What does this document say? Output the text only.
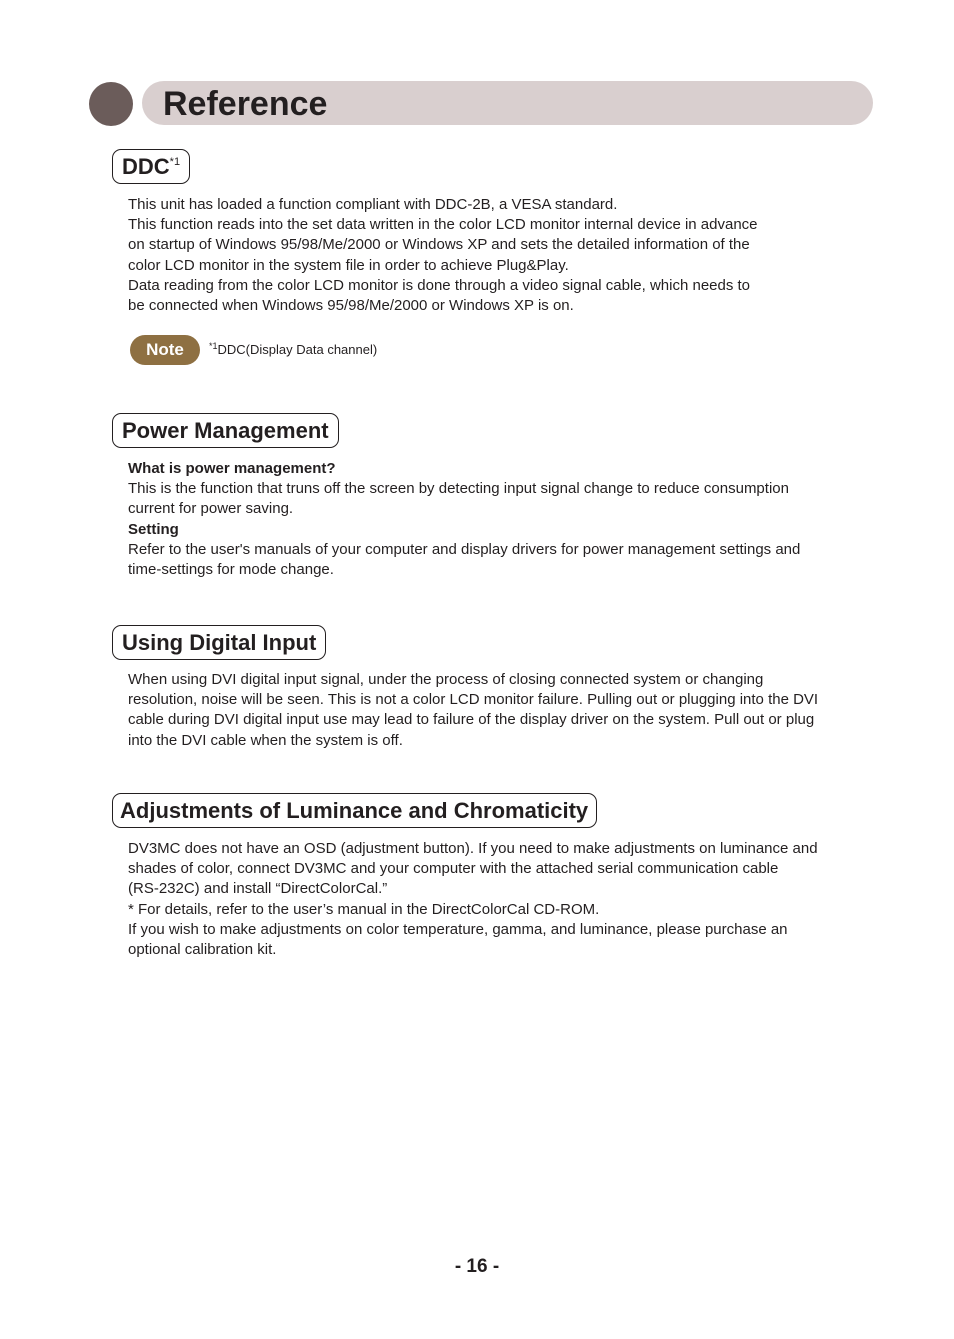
Reference
DDC$^{*1}$

This unit has loaded a function compliant with DDC-2B, a VESA standard.

This function reads into the set data written in the color LCD monitor internal device in advance

on startup of Windows 95/98/Me/2000 or Windows XP and sets the detailed information of the

color LCD monitor in the system file in order to achieve Plug&Play.

Data reading from the color LCD monitor is done through a video signal cable, which needs to

be connected when Windows 95/98/Me/2000 or Windows XP is on.

Note	$^{*1}$DDC(Display Data channel)
Power Management

What is power management?

This is the function that truns off the screen by detecting input signal change to reduce consumption

current for power saving.

Setting

Refer to the user's manuals of your computer and display drivers for power management settings and

time-settings for mode change.

Using Digital Input

When using DVI digital input signal, under the process of closing connected system or changing

resolution, noise will be seen. This is not a color LCD monitor failure. Pulling out or plugging into the DVI

cable during DVI digital input use may lead to failure of the display driver on the system. Pull out or plug

into the DVI cable when the system is off.

Adjustments of Luminance and Chromaticity

DV3MC does not have an OSD (adjustment button). If you need to make adjustments on luminance and

shades of color, connect DV3MC and your computer with the attached serial communication cable

(RS-232C) and install “DirectColorCal.”

* For details, refer to the user’s manual in the DirectColorCal CD-ROM.

If you wish to make adjustments on color temperature, gamma, and luminance, please purchase an

optional calibration kit.

- 16 -
